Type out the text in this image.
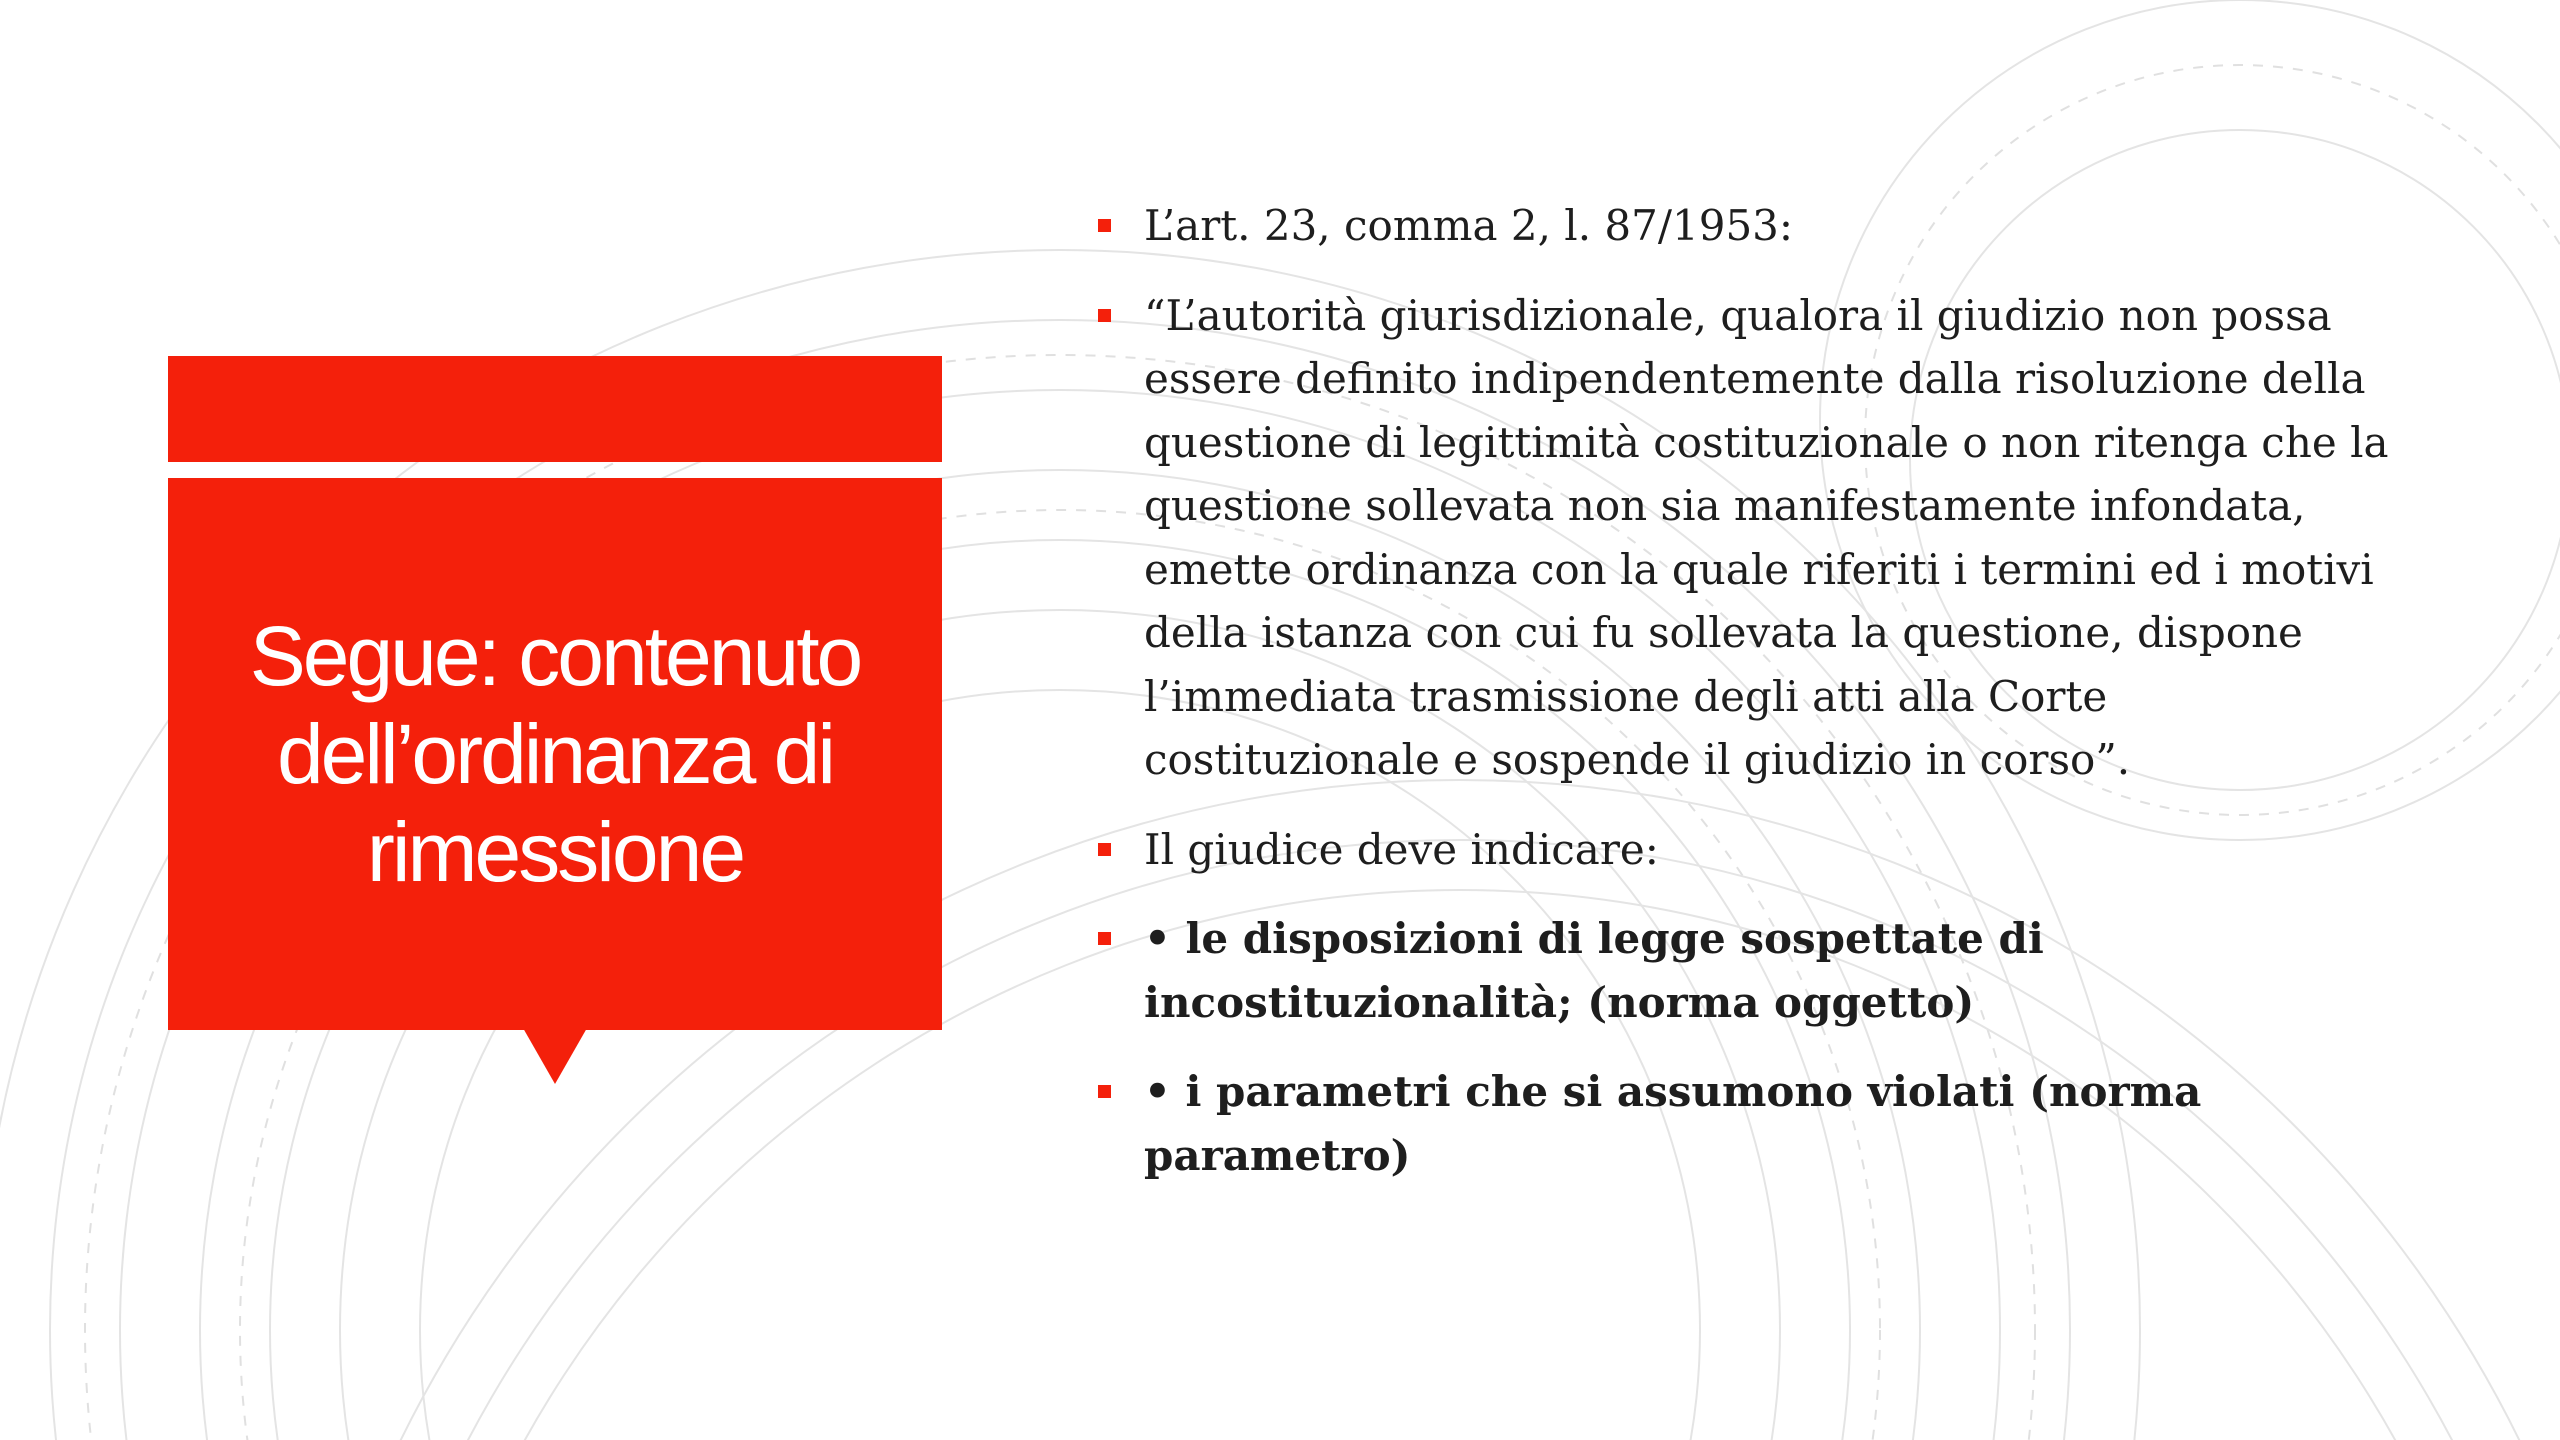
Segue: contenuto dell’ordinanza di rimessione
L’art. 23, comma 2, l. 87/1953:
“L’autorità giurisdizionale, qualora il giudizio non possa essere definito indipendentemente dalla risoluzione della questione di legittimità costituzionale o non ritenga che la questione sollevata non sia manifestamente infondata, emette ordinanza con la quale riferiti i termini ed i motivi della istanza con cui fu sollevata la questione, dispone l’immediata trasmissione degli atti alla Corte costituzionale e sospende il giudizio in corso”.
Il giudice deve indicare:
• le disposizioni di legge sospettate di incostituzionalità; (norma oggetto)
• i parametri che si assumono violati (norma parametro)
